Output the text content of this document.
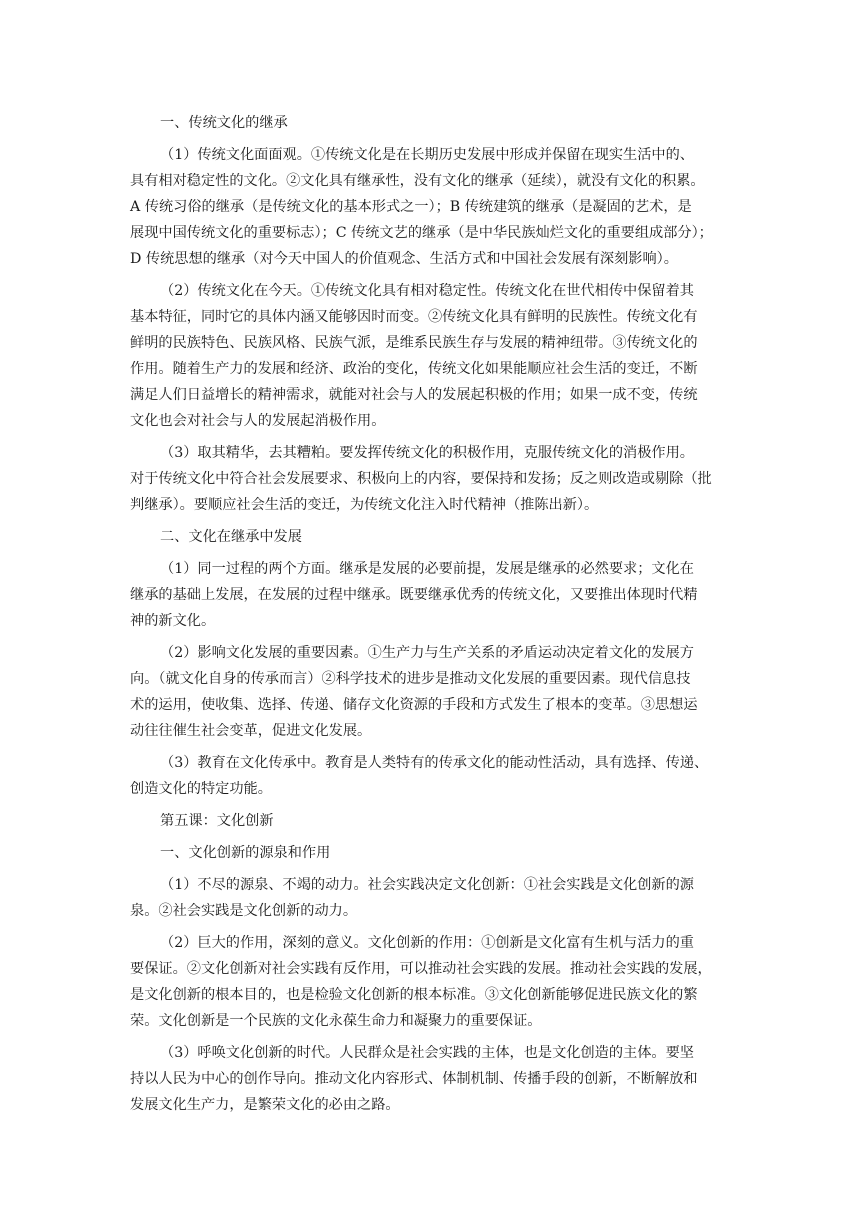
一、传统文化的继承
（1）传统文化面面观。①传统文化是在长期历史发展中形成并保留在现实生活中的、
具有相对稳定性的文化。②文化具有继承性，没有文化的继承（延续），就没有文化的积累。
A 传统习俗的继承（是传统文化的基本形式之一）；B 传统建筑的继承（是凝固的艺术，是
展现中国传统文化的重要标志）；C 传统文艺的继承（是中华民族灿烂文化的重要组成部分）；
D 传统思想的继承（对今天中国人的价值观念、生活方式和中国社会发展有深刻影响）。
（2）传统文化在今天。①传统文化具有相对稳定性。传统文化在世代相传中保留着其
基本特征，同时它的具体内涵又能够因时而变。②传统文化具有鲜明的民族性。传统文化有
鲜明的民族特色、民族风格、民族气派，是维系民族生存与发展的精神纽带。③传统文化的
作用。随着生产力的发展和经济、政治的变化，传统文化如果能顺应社会生活的变迁，不断
满足人们日益增长的精神需求，就能对社会与人的发展起积极的作用；如果一成不变，传统
文化也会对社会与人的发展起消极作用。
（3）取其精华，去其糟粕。要发挥传统文化的积极作用，克服传统文化的消极作用。
对于传统文化中符合社会发展要求、积极向上的内容，要保持和发扬；反之则改造或剔除（批
判继承）。要顺应社会生活的变迁，为传统文化注入时代精神（推陈出新）。
二、文化在继承中发展
（1）同一过程的两个方面。继承是发展的必要前提，发展是继承的必然要求；文化在
继承的基础上发展，在发展的过程中继承。既要继承优秀的传统文化，又要推出体现时代精
神的新文化。
（2）影响文化发展的重要因素。①生产力与生产关系的矛盾运动决定着文化的发展方
向。（就文化自身的传承而言）②科学技术的进步是推动文化发展的重要因素。现代信息技
术的运用，使收集、选择、传递、储存文化资源的手段和方式发生了根本的变革。③思想运
动往往催生社会变革，促进文化发展。
（3）教育在文化传承中。教育是人类特有的传承文化的能动性活动，具有选择、传递、
创造文化的特定功能。
第五课：文化创新
一、文化创新的源泉和作用
（1）不尽的源泉、不竭的动力。社会实践决定文化创新：①社会实践是文化创新的源
泉。②社会实践是文化创新的动力。
（2）巨大的作用，深刻的意义。文化创新的作用：①创新是文化富有生机与活力的重
要保证。②文化创新对社会实践有反作用，可以推动社会实践的发展。推动社会实践的发展，
是文化创新的根本目的，也是检验文化创新的根本标准。③文化创新能够促进民族文化的繁
荣。文化创新是一个民族的文化永葆生命力和凝聚力的重要保证。
（3）呼唤文化创新的时代。人民群众是社会实践的主体，也是文化创造的主体。要坚
持以人民为中心的创作导向。推动文化内容形式、体制机制、传播手段的创新，不断解放和
发展文化生产力，是繁荣文化的必由之路。
